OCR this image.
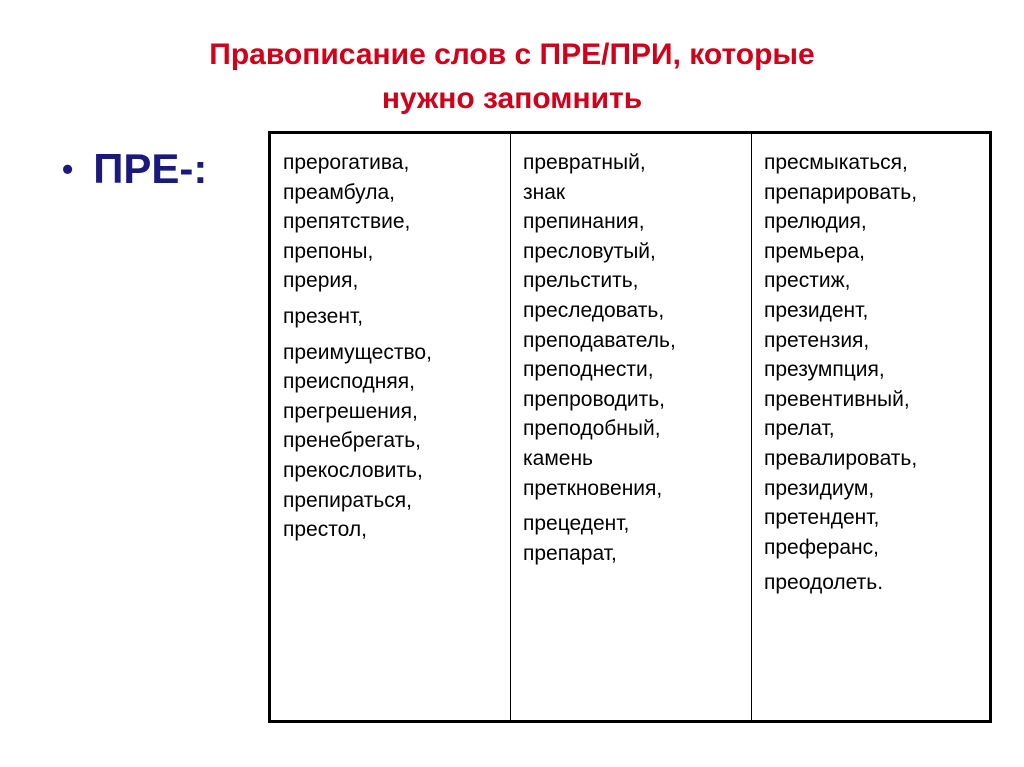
Правописание слов с ПРЕ/ПРИ, которые
нужно запомнить
• ПРЕ-:	прерогатива,
преамбула,
препятствие,
препоны,
прерия,
презент,
преимущество,
преисподняя,
прегрешения,
пренебрегать,
прекословить,
препираться,
престол,
превратный,
знак
препинания,
пресловутый,
прельстить,
преследовать,
преподаватель,
преподнести,
препроводить,
преподобный,
камень
преткновения,
прецедент,
препарат,
пресмыкаться,
препарировать,
прелюдия,
премьера,
престиж,
президент,
претензия,
презумпция,
превентивный,
прелат,
превалировать,
президиум,
претендент,
преферанс,
преодолеть.
